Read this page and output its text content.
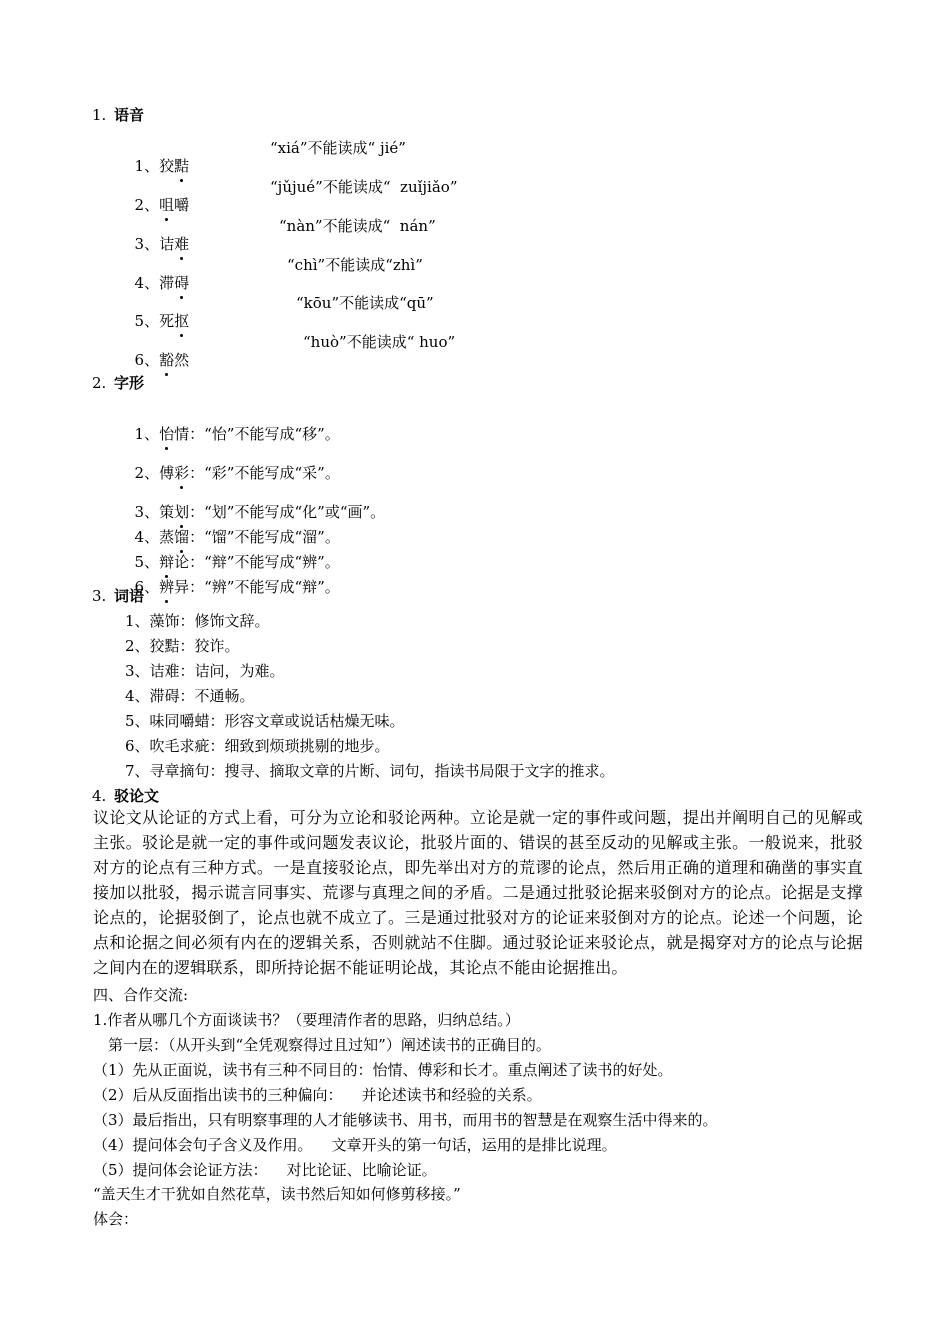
1. 语音

1、狡黠

“xiá”不能读成“ jié”

2、咀嚼

“jǔjué”不能读成“  zuǐjiǎo”

3、诘难

“nàn”不能读成“  nán”

4、滞碍

“chì”不能读成“zhì”

5、死抠

“kōu”不能读成“qū”

6、豁然

“huò”不能读成“ huo”
2. 字形

1、怡情：“怡”不能写成“移”。

2、傅彩：“彩”不能写成“采”。

3、策划：“划”不能写成“化”或“画”。

4、蒸馏：“馏”不能写成“溜”。

5、辩论：“辩”不能写成“辨”。

6、辨异：“辨”不能写成“辩”。

3. 词语
1、藻饰：修饰文辞。
2、狡黠：狡诈。
3、诘难：诘问，为难。
4、滞碍：不通畅。
5、味同嚼蜡：形容文章或说话枯燥无味。
6、吹毛求疵：细致到烦琐挑剔的地步。
7、寻章摘句：搜寻、摘取文章的片断、词句，指读书局限于文字的推求。
4. 驳论文
议论文从论证的方式上看，可分为立论和驳论两种。立论是就一定的事件或问题，提出并阐明自己的见解或主张。驳论是就一定的事件或问题发表议论，批驳片面的、错误的甚至反动的见解或主张。一般说来，批驳对方的论点有三种方式。一是直接驳论点，即先举出对方的荒谬的论点，然后用正确的道理和确凿的事实直接加以批驳，揭示谎言同事实、荒谬与真理之间的矛盾。二是通过批驳论据来驳倒对方的论点。论据是支撑论点的，论据驳倒了，论点也就不成立了。三是通过批驳对方的论证来驳倒对方的论点。论述一个问题，论点和论据之间必须有内在的逻辑关系，否则就站不住脚。通过驳论证来驳论点，就是揭穿对方的论点与论据之间内在的逻辑联系，即所持论据不能证明论战，其论点不能由论据推出。
四、合作交流:
1.作者从哪几个方面谈读书？（要理清作者的思路，归纳总结。）
第一层：（从开头到“全凭观察得过且过知”）阐述读书的正确目的。
（1）先从正面说，读书有三种不同目的：怡情、傅彩和长才。重点阐述了读书的好处。
（2）后从反面指出读书的三种偏向：    并论述读书和经验的关系。
（3）最后指出，只有明察事理的人才能够读书、用书，而用书的智慧是在观察生活中得来的。
（4）提问体会句子含义及作用。    文章开头的第一句话，运用的是排比说理。
（5）提问体会论证方法：    对比论证、比喻论证。
“盖天生才干犹如自然花草，读书然后知如何修剪移接。”
体会：
